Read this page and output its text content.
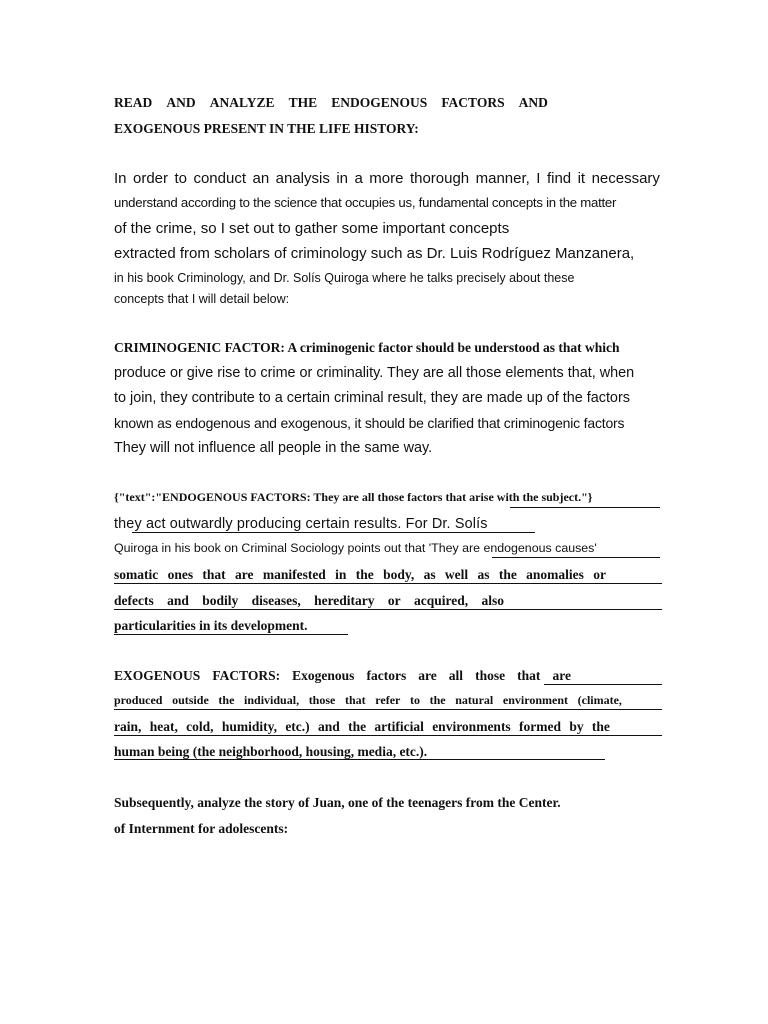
READ AND ANALYZE THE ENDOGENOUS FACTORS AND
EXOGENOUS PRESENT IN THE LIFE HISTORY:
In order to conduct an analysis in a more thorough manner, I find it necessary
understand according to the science that occupies us, fundamental concepts in the matter
of the crime, so I set out to gather some important concepts
extracted from scholars of criminology such as Dr. Luis Rodríguez Manzanera,
in his book Criminology, and Dr. Solís Quiroga where he talks precisely about these
concepts that I will detail below:
CRIMINOGENIC FACTOR: A criminogenic factor should be understood as that which
produce or give rise to crime or criminality. They are all those elements that, when
to join, they contribute to a certain criminal result, they are made up of the factors
known as endogenous and exogenous, it should be clarified that criminogenic factors
They will not influence all people in the same way.
{"text":"ENDOGENOUS FACTORS: They are all those factors that arise with the subject."}
they act outwardly producing certain results. For Dr. Solís
Quiroga in his book on Criminal Sociology points out that 'They are endogenous causes'
somatic ones that are manifested in the body, as well as the anomalies or
defects and bodily diseases, hereditary or acquired, also
particularities in its development.
EXOGENOUS FACTORS: Exogenous factors are all those that are
produced outside the individual, those that refer to the natural environment (climate,
rain, heat, cold, humidity, etc.) and the artificial environments formed by the
human being (the neighborhood, housing, media, etc.).
Subsequently, analyze the story of Juan, one of the teenagers from the Center.
of Internment for adolescents:
